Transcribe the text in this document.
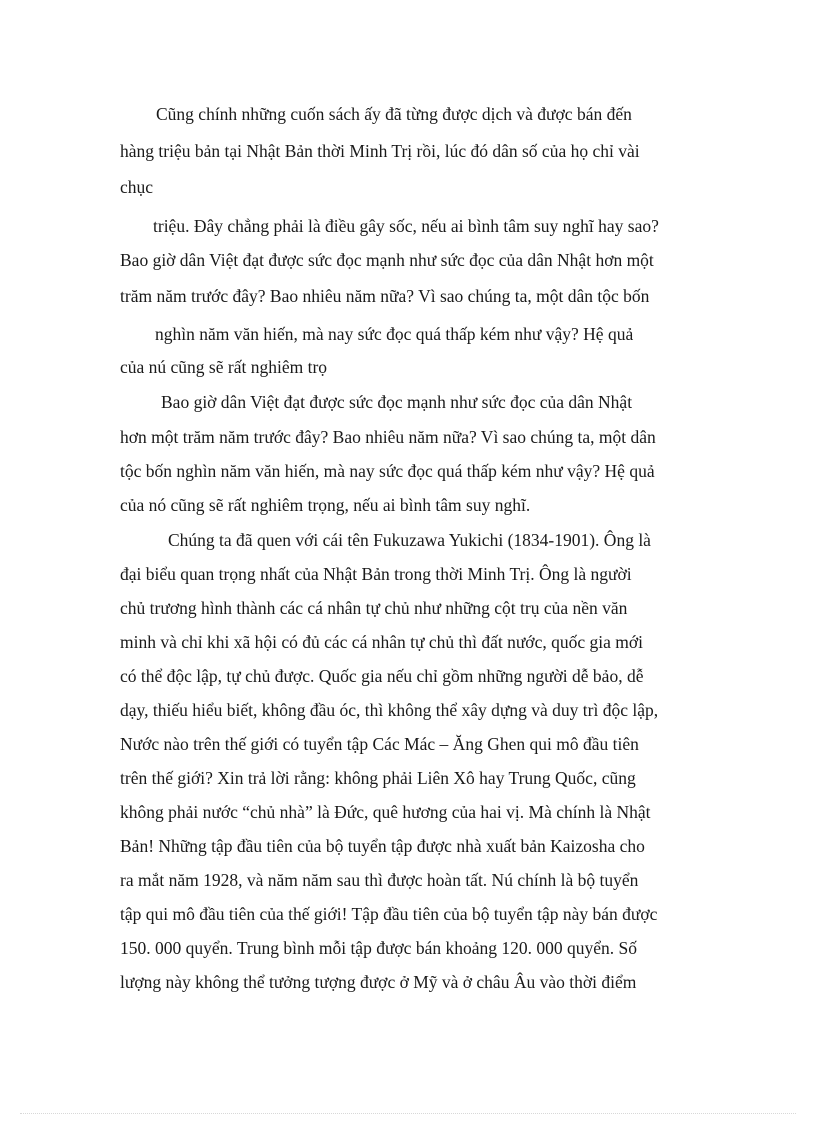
Cũng chính những cuốn sách ấy đã từng được dịch và được bán đến
hàng triệu bản tại Nhật Bản thời Minh Trị rồi, lúc đó dân số của họ chỉ vài
chục
triệu. Đây chẳng phải là điều gây sốc, nếu ai bình tâm suy nghĩ hay sao?
Bao giờ dân Việt đạt được sức đọc mạnh như sức đọc của dân Nhật hơn một
trăm năm trước đây? Bao nhiêu năm nữa? Vì sao chúng ta, một dân tộc bốn
nghìn năm văn hiến, mà nay sức đọc quá thấp kém như vậy? Hệ quả
của nú cũng sẽ rất nghiêm trọ
Bao giờ dân Việt đạt được sức đọc mạnh như sức đọc của dân Nhật
hơn một trăm năm trước đây? Bao nhiêu năm nữa? Vì sao chúng ta, một dân
tộc bốn nghìn năm văn hiến, mà nay sức đọc quá thấp kém như vậy? Hệ quả
của nó cũng sẽ rất nghiêm trọng, nếu ai bình tâm suy nghĩ.
Chúng ta đã quen với cái tên Fukuzawa Yukichi (1834-1901). Ông là
đại biểu quan trọng nhất của Nhật Bản trong thời Minh Trị. Ông là người
chủ trương hình thành các cá nhân tự chủ như những cột trụ của nền văn
minh và chỉ khi xã hội có đủ các cá nhân tự chủ thì đất nước, quốc gia mới
có thể độc lập, tự chủ được. Quốc gia nếu chỉ gồm những người dễ bảo, dễ
dạy, thiếu hiểu biết, không đầu óc, thì không thể xây dựng và duy trì độc lập,
Nước nào trên thế giới có tuyển tập Các Mác – Ăng Ghen qui mô đầu tiên
trên thế giới? Xin trả lời rằng: không phải Liên Xô hay Trung Quốc, cũng
không phải nước “chủ nhà” là Đức, quê hương của hai vị. Mà chính là Nhật
Bản! Những tập đầu tiên của bộ tuyển tập được nhà xuất bản Kaizosha cho
ra mắt năm 1928, và năm năm sau thì được hoàn tất. Nú chính là bộ tuyển
tập qui mô đầu tiên của thế giới! Tập đầu tiên của bộ tuyển tập này bán được
150. 000 quyển. Trung bình mỗi tập được bán khoảng 120. 000 quyển. Số
lượng này không thể tưởng tượng được ở Mỹ và ở châu Âu vào thời điểm
